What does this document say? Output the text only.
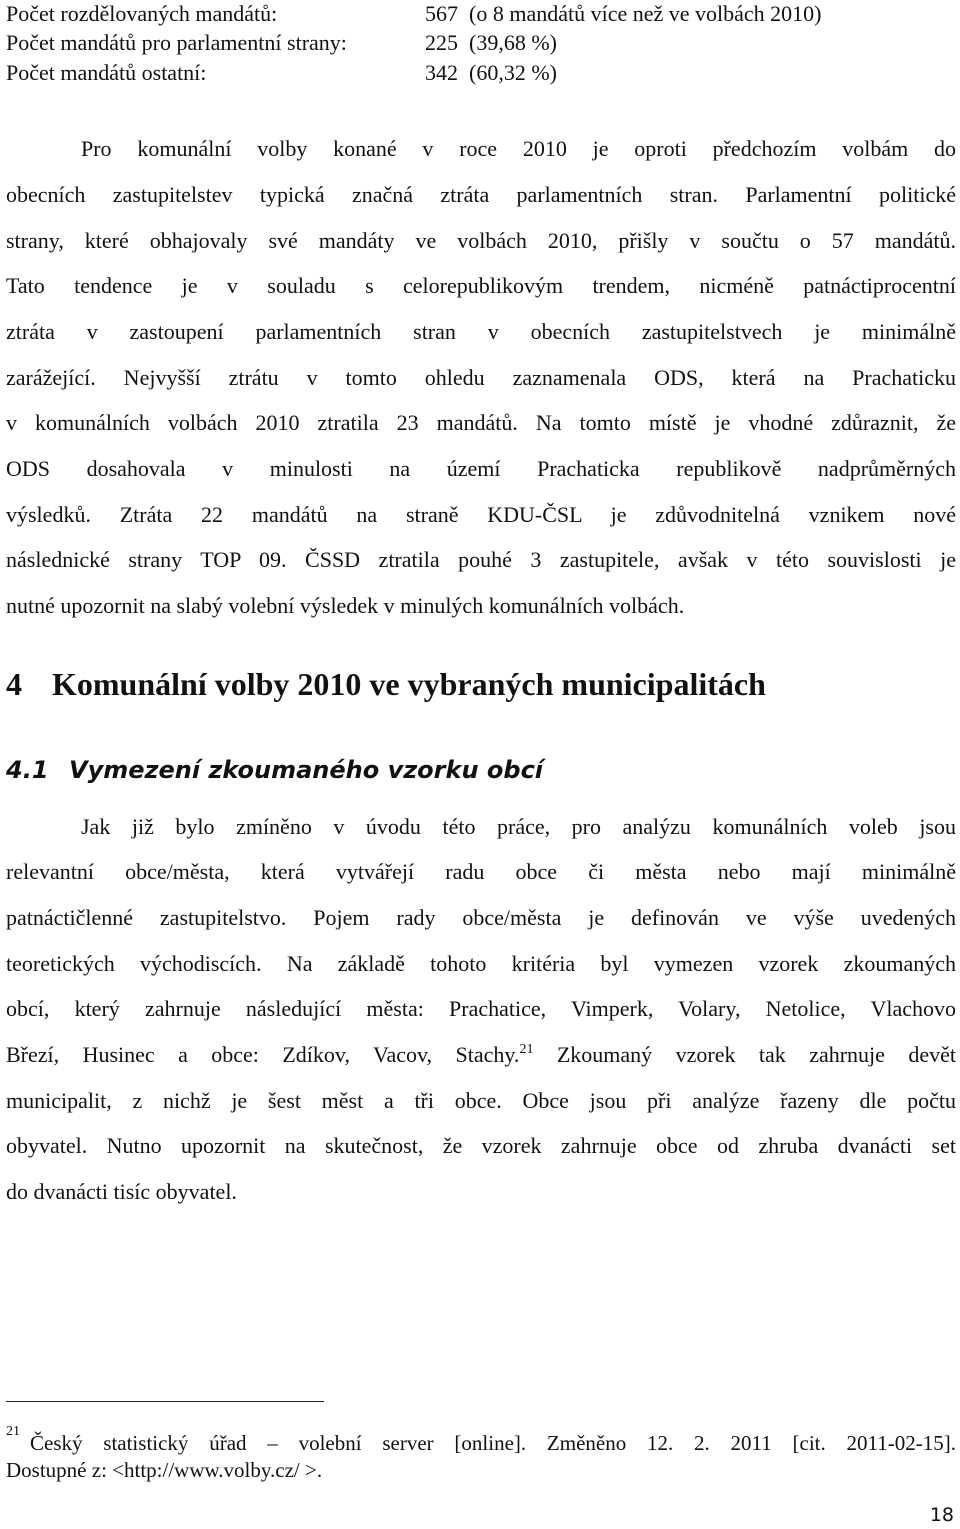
Počet rozdělovaných mandátů:	567  (o 8 mandátů více než ve volbách 2010)
Počet mandátů pro parlamentní strany:	225  (39,68 %)
Počet mandátů ostatní:	342  (60,32 %)
Pro komunální volby konané v roce 2010 je oproti předchozím volbám do
obecních zastupitelstev typická značná ztráta parlamentních stran. Parlamentní politické
strany, které obhajovaly své mandáty ve volbách 2010, přišly v součtu o 57 mandátů.
Tato tendence je v souladu s celorepublikovým trendem, nicméně patnáctiprocentní
ztráta v zastoupení parlamentních stran v obecních zastupitelstvech je minimálně
zarážející. Nejvyšší ztrátu v tomto ohledu zaznamenala ODS, která na Prachaticku
v komunálních volbách 2010 ztratila 23 mandátů. Na tomto místě je vhodné zdůraznit, že
ODS dosahovala v minulosti na území Prachaticka republikově nadprůměrných
výsledků. Ztráta 22 mandátů na straně KDU-ČSL je zdůvodnitelná vznikem nové
následnické strany TOP 09. ČSSD ztratila pouhé 3 zastupitele, avšak v této souvislosti je
nutné upozornit na slabý volební výsledek v minulých komunálních volbách.
4 Komunální volby 2010 ve vybraných municipalitách
4.1 Vymezení zkoumaného vzorku obcí
Jak již bylo zmíněno v úvodu této práce, pro analýzu komunálních voleb jsou
relevantní obce/města, která vytvářejí radu obce či města nebo mají minimálně
patnáctičlenné zastupitelstvo. Pojem rady obce/města je definován ve výše uvedených
teoretických východiscích. Na základě tohoto kritéria byl vymezen vzorek zkoumaných
obcí, který zahrnuje následující města: Prachatice, Vimperk, Volary, Netolice, Vlachovo
Březí, Husinec a obce: Zdíkov, Vacov, Stachy.$^{21}$ Zkoumaný vzorek tak zahrnuje devět
municipalit, z nichž je šest měst a tři obce. Obce jsou při analýze řazeny dle počtu
obyvatel. Nutno upozornit na skutečnost, že vzorek zahrnuje obce od zhruba dvanácti set
do dvanácti tisíc obyvatel.
21 Český statistický úřad – volební server [online]. Změněno 12. 2. 2011 [cit. 2011-02-15].
Dostupné z: <http://www.volby.cz/ >.
18
